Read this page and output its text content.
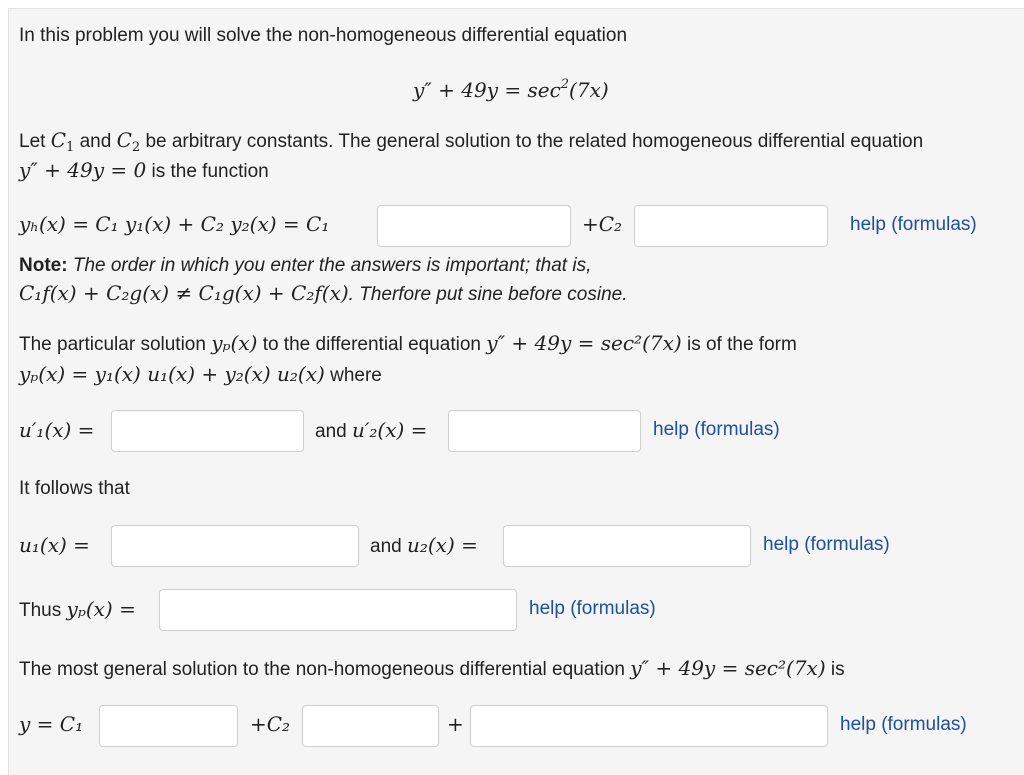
In this problem you will solve the non-homogeneous differential equation
$y'' + 49y = \sec^2(7x)$
Let $C_1$ and $C_2$ be arbitrary constants. The general solution to the related homogeneous differential equation
y″ + 49y = 0 is the function
yₕ(x) = C₁ y₁(x) + C₂ y₂(x) = C₁	+C₂	help (formulas)
Note: The order in which you enter the answers is important; that is,
C₁f(x) + C₂g(x) ≠ C₁g(x) + C₂f(x). Therfore put sine before cosine.
The particular solution yₚ(x) to the differential equation y″ + 49y = sec²(7x) is of the form
yₚ(x) = y₁(x) u₁(x) + y₂(x) u₂(x) where
u′₁(x) =	and u′₂(x) =	help (formulas)
It follows that
u₁(x) =	and u₂(x) =	help (formulas)
Thus yₚ(x) =	help (formulas)
The most general solution to the non-homogeneous differential equation y″ + 49y = sec²(7x) is
y = C₁	+C₂	+	help (formulas)
